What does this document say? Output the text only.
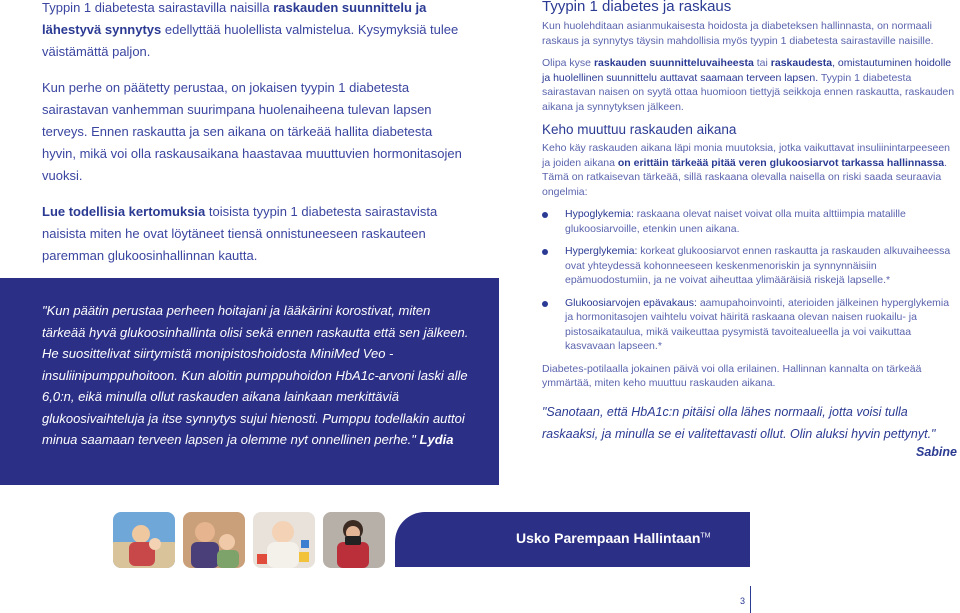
Typpin 1 diabetesta sairastavilla naisilla raskauden suunnittelu ja lähestyvä synnytys edellyttää huolellista valmistelua. Kysymyksiä tulee väistämättä paljon.

Kun perhe on päätetty perustaa, on jokaisen tyypin 1 diabetesta sairastavan vanhemman suurimpana huolenaiheena tulevan lapsen terveys. Ennen raskautta ja sen aikana on tärkeää hallita diabetesta hyvin, mikä voi olla raskausaikana haastavaa muuttuvien hormonitasojen vuoksi.

Lue todellisia kertomuksia toisista tyypin 1 diabetesta sairastavista naisista miten he ovat löytäneet tiensä onnistuneeseen raskauteen paremman glukoosinhallinnan kautta.

"Kun päätin perustaa perheen hoitajani ja lääkärini korostivat, miten tärkeää hyvä glukoosinhallinta olisi sekä ennen raskautta että sen jälkeen. He suosittelivat siirtymistä monipistoshoidosta MiniMed Veo - insuliinipumppuhoitoon. Kun aloitin pumppuhoidon HbA1c-arvoni laski alle 6,0:n, eikä minulla ollut raskauden aikana lainkaan merkittäviä glukoosivaihteluja ja itse synnytys sujui hienosti. Pumppu todellakin auttoi minua saamaan terveen lapsen ja olemme nyt onnellinen perhe." Lydia

Tyypin 1 diabetes ja raskaus

Kun huolehditaan asianmukaisesta hoidosta ja diabeteksen hallinnasta, on normaali raskaus ja synnytys täysin mahdollisia myös tyypin 1 diabetesta sairastaville naisille.

Olipa kyse raskauden suunnitteluvaiheesta tai raskaudesta, omistautuminen hoidolle ja huolellinen suunnittelu auttavat saamaan terveen lapsen. Tyypin 1 diabetesta sairastavan naisen on syytä ottaa huomioon tiettyjä seikkoja ennen raskautta, raskauden aikana ja synnytyksen jälkeen.

Keho muuttuu raskauden aikana

Keho käy raskauden aikana läpi monia muutoksia, jotka vaikuttavat insuliinintarpeeseen ja joiden aikana on erittäin tärkeää pitää veren glukoosiarvot tarkassa hallinnassa. Tämä on ratkaisevan tärkeää, sillä raskaana olevalla naisella on riski saada seuraavia ongelmia:

Hypoglykemia: raskaana olevat naiset voivat olla muita alttiimpia matalille glukoosiarvoille, etenkin unen aikana.
Hyperglykemia: korkeat glukoosiarvot ennen raskautta ja raskauden alkuvaiheessa ovat yhteydessä kohonneeseen keskenmenoriskin ja synnynnäisiin epämuodostumiin, ja ne voivat aiheuttaa ylimääräisiä riskejä lapselle.*
Glukoosiarvojen epävakaus: aamupahoinvointi, aterioiden jälkeinen hyperglykemia ja hormonitasojen vaihtelu voivat häiritä raskaana olevan naisen ruokailu- ja pistosaikataulua, mikä vaikeuttaa pysymistä tavoitealueella ja voi vaikuttaa kasvavaan lapseen.*

Diabetes-potilaalla jokainen päivä voi olla erilainen. Hallinnan kannalta on tärkeää ymmärtää, miten keho muuttuu raskauden aikana.

"Sanotaan, että HbA1c:n pitäisi olla lähes normaali, jotta voisi tulla raskaaksi, ja minulla se ei valitettavasti ollut. Olin aluksi hyvin pettynyt."

Sabine
Usko Parempaan Hallintaan™
3
